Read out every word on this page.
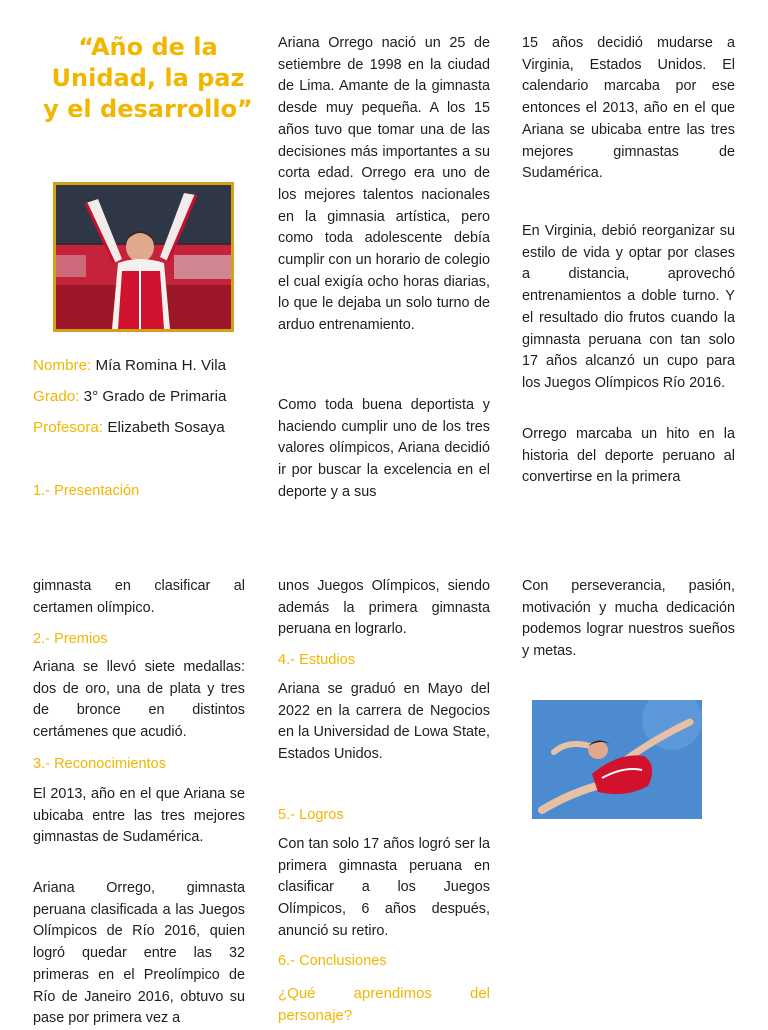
“Año de la
Unidad, la paz
y el desarrollo”
Nombre: Mía Romina H. Vila
Grado: 3° Grado de Primaria
Profesora: Elizabeth Sosaya
1.- Presentación
Ariana Orrego nació un 25 de setiembre de 1998 en la ciudad de Lima. Amante de la gimnasta desde muy pequeña. A los 15 años tuvo que tomar una de las decisiones más importantes a su corta edad. Orrego era uno de los mejores talentos nacionales en la gimnasia artística, pero como toda adolescente debía cumplir con un horario de colegio el cual exigía ocho horas diarias, lo que le dejaba un solo turno de arduo entrenamiento.
Como toda buena deportista y haciendo cumplir uno de los tres valores olímpicos, Ariana decidió ir por buscar la excelencia en el deporte y a sus
15 años decidió mudarse a Virginia, Estados Unidos. El calendario marcaba por ese entonces el 2013, año en el que Ariana se ubicaba entre las tres mejores gimnastas de Sudamérica.
En Virginia, debió reorganizar su estilo de vida y optar por clases a distancia, aprovechó entrenamientos a doble turno. Y el resultado dio frutos cuando la gimnasta peruana con tan solo 17 años alcanzó un cupo para los Juegos Olímpicos Río 2016.
Orrego marcaba un hito en la historia del deporte peruano al convertirse en la primera
gimnasta en clasificar al certamen olímpico.
2.- Premios
Ariana se llevó siete medallas: dos de oro, una de plata y tres de bronce en distintos certámenes que acudió.
3.- Reconocimientos
El 2013, año en el que Ariana se ubicaba entre las tres mejores gimnastas de Sudamérica.
Ariana Orrego, gimnasta peruana clasificada a las Juegos Olímpicos de Río 2016, quien logró quedar entre las 32 primeras en el Preolímpico de Río de Janeiro 2016, obtuvo su pase por primera vez a
unos Juegos Olímpicos, siendo además la primera gimnasta peruana en lograrlo.
4.- Estudios
Ariana se graduó en Mayo del 2022 en la carrera de Negocios en la Universidad de Lowa State, Estados Unidos.
5.- Logros
Con tan solo 17 años logró ser la primera gimnasta peruana en clasificar a los Juegos Olímpicos, 6 años después, anunció su retiro.
6.- Conclusiones
¿Qué aprendimos del personaje?
Con perseverancia, pasión, motivación y mucha dedicación podemos lograr nuestros sueños y metas.
